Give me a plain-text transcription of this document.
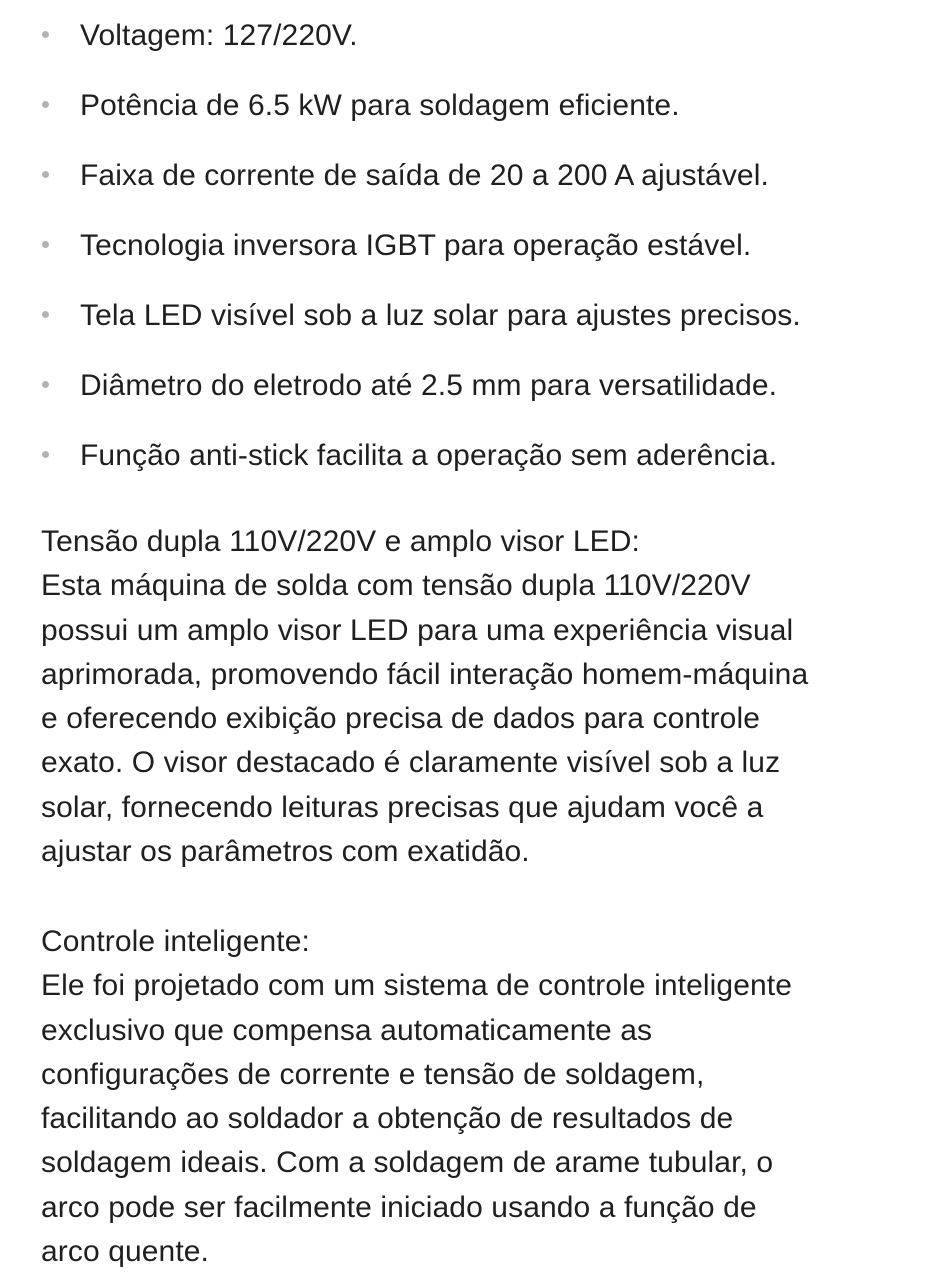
Voltagem: 127/220V.
Potência de 6.5 kW para soldagem eficiente.
Faixa de corrente de saída de 20 a 200 A ajustável.
Tecnologia inversora IGBT para operação estável.
Tela LED visível sob a luz solar para ajustes precisos.
Diâmetro do eletrodo até 2.5 mm para versatilidade.
Função anti-stick facilita a operação sem aderência.

Tensão dupla 110V/220V e amplo visor LED:

Esta máquina de solda com tensão dupla 110V/220V
possui um amplo visor LED para uma experiência visual
aprimorada, promovendo fácil interação homem-máquina
e oferecendo exibição precisa de dados para controle
exato. O visor destacado é claramente visível sob a luz
solar, fornecendo leituras precisas que ajudam você a
ajustar os parâmetros com exatidão.

Controle inteligente:

Ele foi projetado com um sistema de controle inteligente
exclusivo que compensa automaticamente as
configurações de corrente e tensão de soldagem,
facilitando ao soldador a obtenção de resultados de
soldagem ideais. Com a soldagem de arame tubular, o
arco pode ser facilmente iniciado usando a função de
arco quente.
